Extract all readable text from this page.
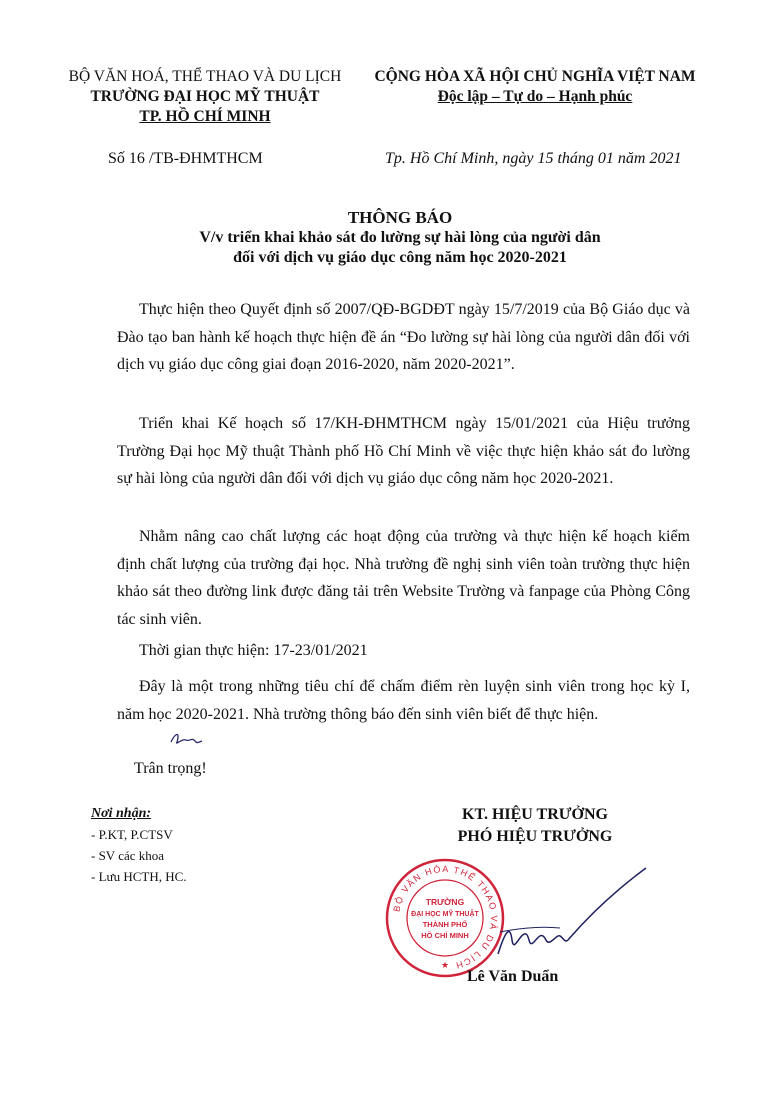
BỘ VĂN HOÁ, THỂ THAO VÀ DU LỊCH
TRƯỜNG ĐẠI HỌC MỸ THUẬT
TP. HỒ CHÍ MINH
CỘNG HÒA XÃ HỘI CHỦ NGHĨA VIỆT NAM
Độc lập – Tự do – Hạnh phúc
Số 16 /TB-ĐHMTHCM	Tp. Hồ Chí Minh, ngày 15 tháng 01 năm 2021
THÔNG BÁO
V/v triển khai khảo sát đo lường sự hài lòng của người dân
đối với dịch vụ giáo dục công năm học 2020-2021
Thực hiện theo Quyết định số 2007/QĐ-BGDĐT ngày 15/7/2019 của Bộ Giáo dục và Đào tạo ban hành kế hoạch thực hiện đề án “Đo lường sự hài lòng của người dân đối với dịch vụ giáo dục công giai đoạn 2016-2020, năm 2020-2021”.
Triển khai Kế hoạch số 17/KH-ĐHMTHCM ngày 15/01/2021 của Hiệu trưởng Trường Đại học Mỹ thuật Thành phố Hồ Chí Minh về việc thực hiện khảo sát đo lường sự hài lòng của người dân đối với dịch vụ giáo dục công năm học 2020-2021.
Nhằm nâng cao chất lượng các hoạt động của trường và thực hiện kế hoạch kiểm định chất lượng của trường đại học. Nhà trường đề nghị sinh viên toàn trường thực hiện khảo sát theo đường link được đăng tải trên Website Trường và fanpage của Phòng Công tác sinh viên.
Thời gian thực hiện: 17-23/01/2021
Đây là một trong những tiêu chí để chấm điểm rèn luyện sinh viên trong học kỳ I, năm học 2020-2021. Nhà trường thông báo đến sinh viên biết để thực hiện.
Trân trọng!
Nơi nhận:
- P.KT, P.CTSV
- SV các khoa
- Lưu HCTH, HC.
KT. HIỆU TRƯỞNG
PHÓ HIỆU TRƯỞNG
BỘ VĂN HÓA THỂ THAO VÀ DU LỊCH
TRƯỜNG
ĐẠI HỌC MỸ THUẬT
THÀNH PHỐ
HỒ CHÍ MINH
★
Lê Văn Duẩn
